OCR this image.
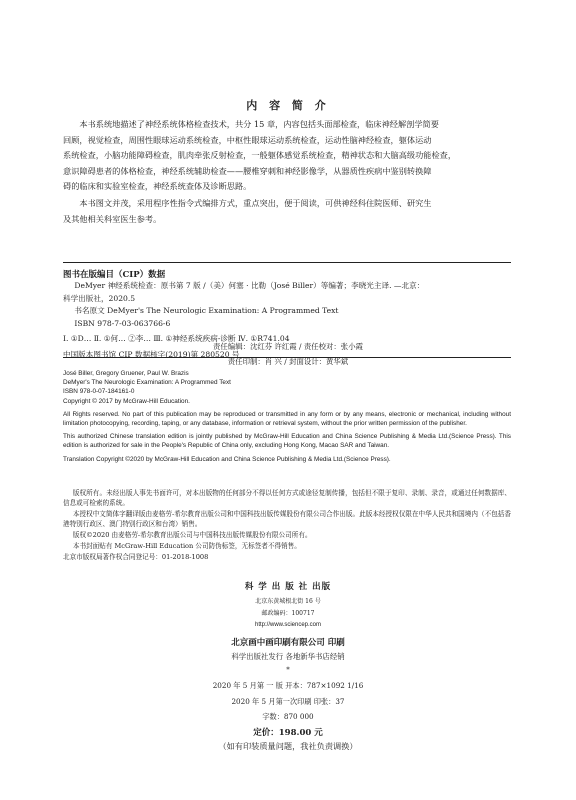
内 容 简 介
本书系统地描述了神经系统体格检查技术，共分 15 章，内容包括头面部检查，临床神经解剖学简要
回顾，视觉检查，周围性眼球运动系统检查，中枢性眼球运动系统检查，运动性脑神经检查，躯体运动
系统检查，小脑功能障碍检查，肌肉牵张反射检查，一般躯体感觉系统检查，精神状态和大脑高级功能检查，
意识障碍患者的体格检查，神经系统辅助检查——腰椎穿刺和神经影像学，从器质性疾病中鉴别转换障
碍的临床和实验室检查，神经系统查体及诊断思路。
本书图文并茂，采用程序性指令式编排方式，重点突出，便于阅读，可供神经科住院医师、研究生
及其他相关科室医生参考。
图书在版编目（CIP）数据
DeMyer 神经系统检查：原书第 7 版 /（美）何塞 · 比勒（José Biller）等编著；李晓光主译. —北京：
科学出版社，2020.5
书名原文 DeMyer's The Neurologic Examination: A Programmed Text
ISBN 978-7-03-063766-6
Ⅰ. ①D… Ⅱ. ①何… ②李… Ⅲ. ①神经系统疾病-诊断 Ⅳ. ①R741.04
中国版本图书馆 CIP 数据核字(2019)第 280520 号
责任编辑：沈红芬 许红霞 / 责任校对：张小霞
责任印制：肖 兴 / 封面设计：黄华斌
José Biller, Gregory Gruener, Paul W. Brazis
DeMyer's The Neurologic Examination: A Programmed Text
ISBN 978-0-07-184161-0
Copyright © 2017 by McGraw-Hill Education.
All Rights reserved. No part of this publication may be reproduced or transmitted in any form or by any means, electronic or mechanical, including without limitation photocopying, recording, taping, or any database, information or retrieval system, without the prior written permission of the publisher.
This authorized Chinese translation edition is jointly published by McGraw-Hill Education and China Science Publishing & Media Ltd.(Science Press). This edition is authorized for sale in the People's Republic of China only, excluding Hong Kong, Macao SAR and Taiwan.
Translation Copyright ©2020 by McGraw-Hill Education and China Science Publishing & Media Ltd.(Science Press).
版权所有。未经出版人事先书面许可，对本出版物的任何部分不得以任何方式或途径复制传播，包括但不限于复印、录制、录音，或通过任何数据库、信息或可检索的系统。
本授权中文简体字翻译版由麦格劳-希尔教育出版公司和中国科技出版传媒股份有限公司合作出版。此版本经授权仅限在中华人民共和国境内（不包括香港特别行政区、澳门特别行政区和台湾）销售。
版权©2020 由麦格劳-希尔教育出版公司与中国科技出版传媒股份有限公司所有。
本书封面贴有 McGraw-Hill Education 公司防伪标签，无标签者不得销售。
北京市版权局著作权合同登记号：01-2018-1008
科 学 出 版 社 出版
北京东黄城根北街 16 号
邮政编码：100717
http://www.sciencep.com
北京画中画印刷有限公司 印刷
科学出版社发行 各地新华书店经销
*
2020 年 5 月第 一 版 开本：787×1092 1/16
2020 年 5 月第一次印刷 印张：37
字数：870 000
定价：198.00 元
（如有印装质量问题，我社负责调换）
